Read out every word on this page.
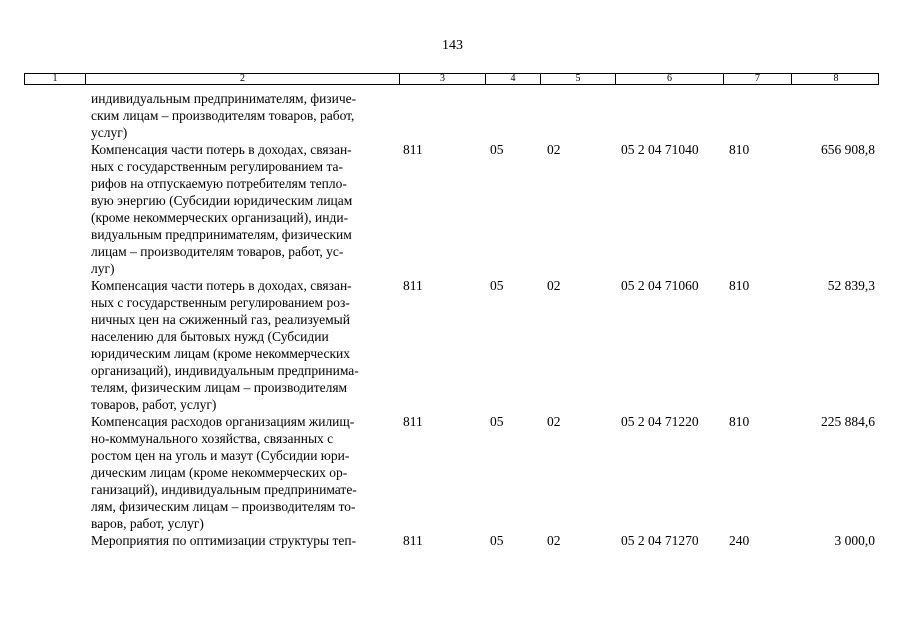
143
1	2	3	4	5	6	7	8
индивидуальным предпринимателям, физиче-
ским лицам – производителям товаров, работ,
услуг)
Компенсация части потерь в доходах, связан-
ных с государственным регулированием та-
рифов на отпускаемую потребителям тепло-
вую энергию (Субсидии юридическим лицам
(кроме некоммерческих организаций), инди-
видуальным предпринимателям, физическим
лицам – производителям товаров, работ, ус-
луг)
811	05	02	05 2 04 71040 810	656 908,8
Компенсация части потерь в доходах, связан-
ных с государственным регулированием роз-
ничных цен на сжиженный газ, реализуемый
населению для бытовых нужд (Субсидии
юридическим лицам (кроме некоммерческих
организаций), индивидуальным предпринима-
телям, физическим лицам – производителям
товаров, работ, услуг)
811	05	02	05 2 04 71060 810	52 839,3
Компенсация расходов организациям жилищ-
но-коммунального хозяйства, связанных с
ростом цен на уголь и мазут (Субсидии юри-
дическим лицам (кроме некоммерческих ор-
ганизаций), индивидуальным предпринимате-
лям, физическим лицам – производителям то-
варов, работ, услуг)
811	05	02	05 2 04 71220 810	225 884,6
Мероприятия по оптимизации структуры теп-	811	05	02	05 2 04 71270 240	3 000,0
